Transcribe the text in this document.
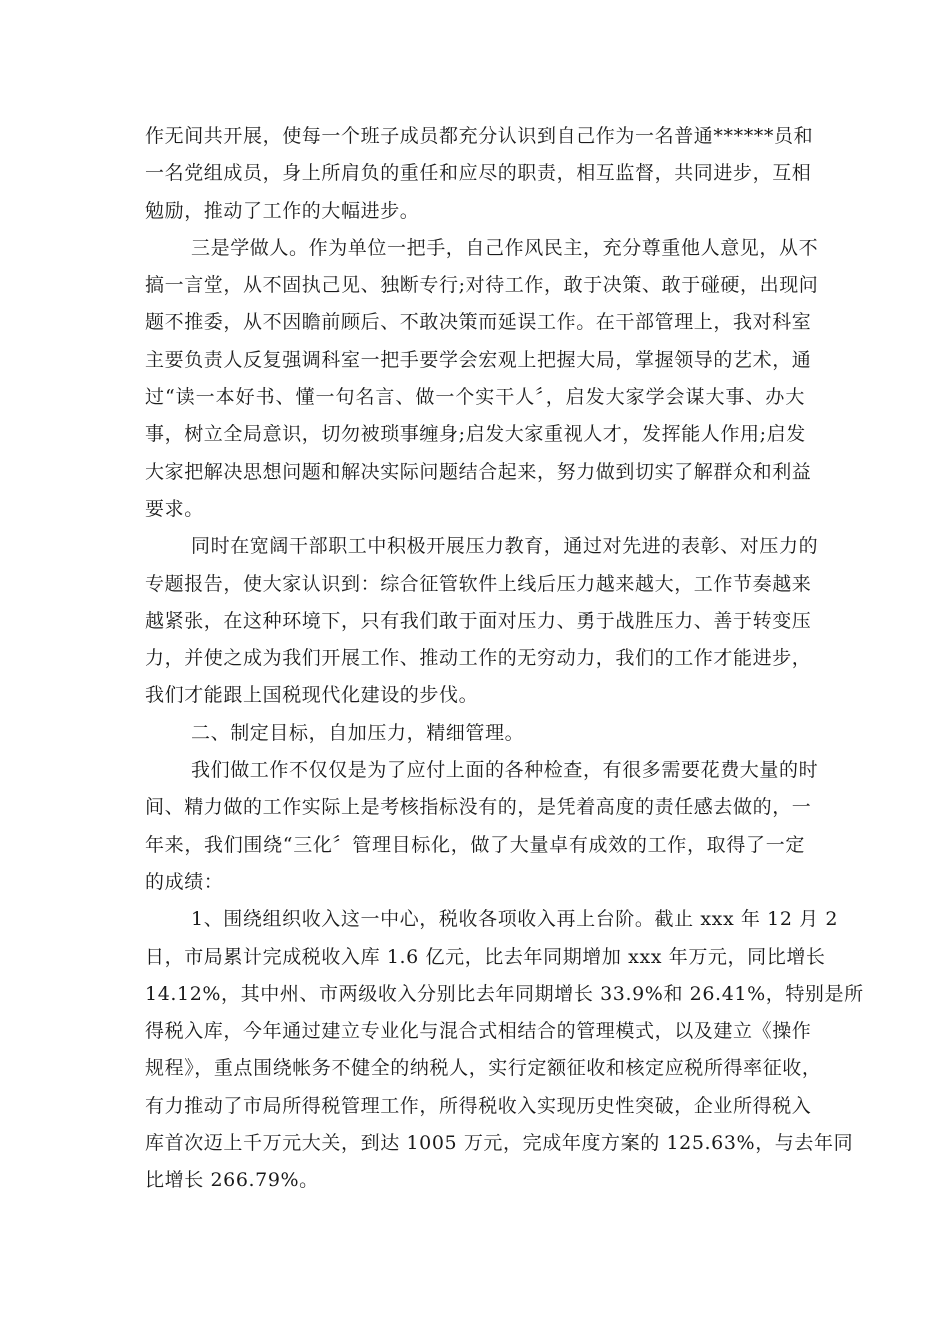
作无间共开展，使每一个班子成员都充分认识到自己作为一名普通******员和
一名党组成员，身上所肩负的重任和应尽的职责，相互监督，共同进步，互相
勉励，推动了工作的大幅进步。
三是学做人。作为单位一把手，自己作风民主，充分尊重他人意见，从不
搞一言堂，从不固执己见、独断专行;对待工作，敢于决策、敢于碰硬，出现问
题不推委，从不因瞻前顾后、不敢决策而延误工作。在干部管理上，我对科室
主要负责人反复强调科室一把手要学会宏观上把握大局，掌握领导的艺术，通
过“读一本好书、懂一句名言、做一个实干人〞，启发大家学会谋大事、办大
事，树立全局意识，切勿被琐事缠身;启发大家重视人才，发挥能人作用;启发
大家把解决思想问题和解决实际问题结合起来，努力做到切实了解群众和利益
要求。
同时在宽阔干部职工中积极开展压力教育，通过对先进的表彰、对压力的
专题报告，使大家认识到：综合征管软件上线后压力越来越大，工作节奏越来
越紧张，在这种环境下，只有我们敢于面对压力、勇于战胜压力、善于转变压
力，并使之成为我们开展工作、推动工作的无穷动力，我们的工作才能进步，
我们才能跟上国税现代化建设的步伐。
二、制定目标，自加压力，精细管理。
我们做工作不仅仅是为了应付上面的各种检查，有很多需要花费大量的时
间、精力做的工作实际上是考核指标没有的，是凭着高度的责任感去做的，一
年来，我们围绕“三化〞管理目标化，做了大量卓有成效的工作，取得了一定
的成绩：
1、围绕组织收入这一中心，税收各项收入再上台阶。截止 xxx 年 12 月 2
日，市局累计完成税收入库 1.6 亿元，比去年同期增加 xxx 年万元，同比增长
14.12%，其中州、市两级收入分别比去年同期增长 33.9%和 26.41%，特别是所
得税入库，今年通过建立专业化与混合式相结合的管理模式，以及建立《操作
规程》，重点围绕帐务不健全的纳税人，实行定额征收和核定应税所得率征收，
有力推动了市局所得税管理工作，所得税收入实现历史性突破，企业所得税入
库首次迈上千万元大关，到达 1005 万元，完成年度方案的 125.63%，与去年同
比增长 266.79%。
